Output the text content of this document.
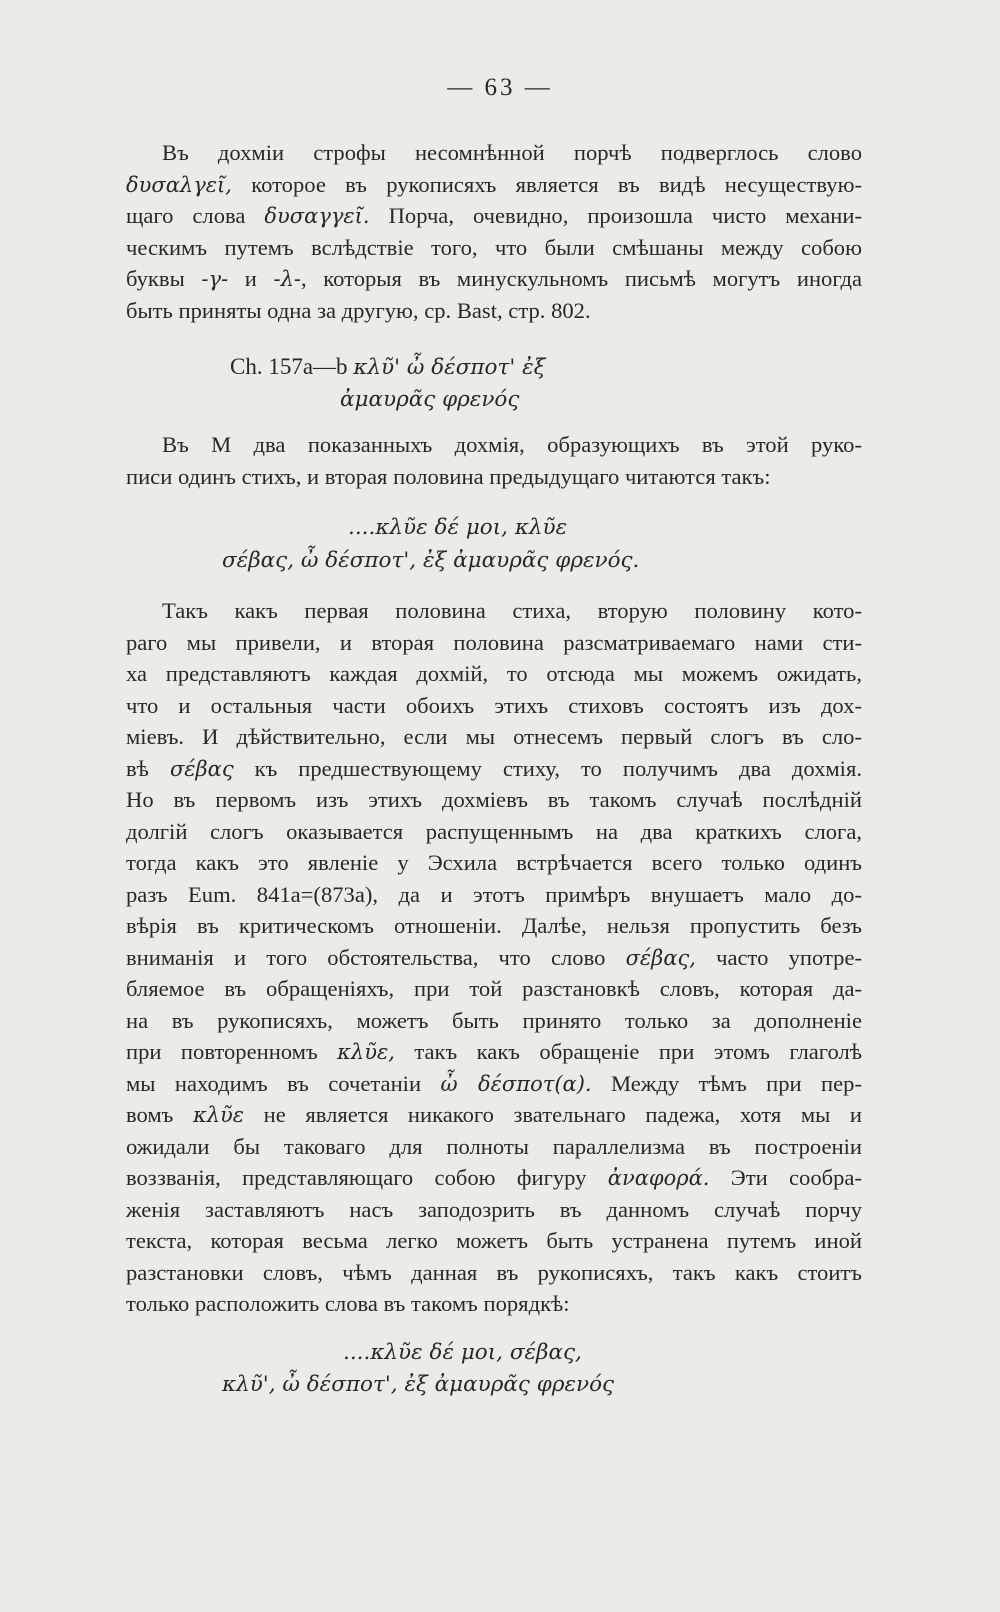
— 63 —
Въ дохміи строфы несомнѣнной порчѣ подверглось слово
δυσαλγεῖ, которое въ рукописяхъ является въ видѣ несуществую-
щаго слова δυσαγγεῖ. Порча, очевидно, произошла чисто механи-
ческимъ путемъ вслѣдствіе того, что были смѣшаны между собою
буквы -γ- и -λ-, которыя въ минускульномъ письмѣ могутъ иногда
быть приняты одна за другую, ср. Bast, стр. 802.
Ch. 157a—b κλῦ' ὦ δέσποτ' ἐξ
ἀμαυρᾶς φρενός
Въ M два показанныхъ дохмія, образующихъ въ этой руко-
писи одинъ стихъ, и вторая половина предыдущаго читаются такъ:
....κλῦε δέ μοι, κλῦε
σέβας, ὦ δέσποτ', ἐξ ἀμαυρᾶς φρενός.
Такъ какъ первая половина стиха, вторую половину кото-
раго мы привели, и вторая половина разсматриваемаго нами сти-
ха представляютъ каждая дохмій, то отсюда мы можемъ ожидать,
что и остальныя части обоихъ этихъ стиховъ состоятъ изъ дох-
міевъ. И дѣйствительно, если мы отнесемъ первый слогъ въ сло-
вѣ σέβας къ предшествующему стиху, то получимъ два дохмія.
Но въ первомъ изъ этихъ дохміевъ въ такомъ случаѣ послѣдній
долгій слогъ оказывается распущеннымъ на два краткихъ слога,
тогда какъ это явленіе у Эсхила встрѣчается всего только одинъ
разъ Eum. 841a=(873a), да и этотъ примѣръ внушаетъ мало до-
вѣрія въ критическомъ отношеніи. Далѣе, нельзя пропустить безъ
вниманія и того обстоятельства, что слово σέβας, часто употре-
бляемое въ обращеніяхъ, при той разстановкѣ словъ, которая да-
на въ рукописяхъ, можетъ быть принято только за дополненіе
при повторенномъ κλῦε, такъ какъ обращеніе при этомъ глаголѣ
мы находимъ въ сочетаніи ὦ δέσποτ(α). Между тѣмъ при пер-
вомъ κλῦε не является никакого звательнаго падежа, хотя мы и
ожидали бы таковаго для полноты параллелизма въ построеніи
воззванія, представляющаго собою фигуру ἀναφορά. Эти сообра-
женія заставляютъ насъ заподозрить въ данномъ случаѣ порчу
текста, которая весьма легко можетъ быть устранена путемъ иной
разстановки словъ, чѣмъ данная въ рукописяхъ, такъ какъ стоитъ
только расположить слова въ такомъ порядкѣ:
....κλῦε δέ μοι, σέβας,
κλῦ', ὦ δέσποτ', ἐξ ἀμαυρᾶς φρενός
